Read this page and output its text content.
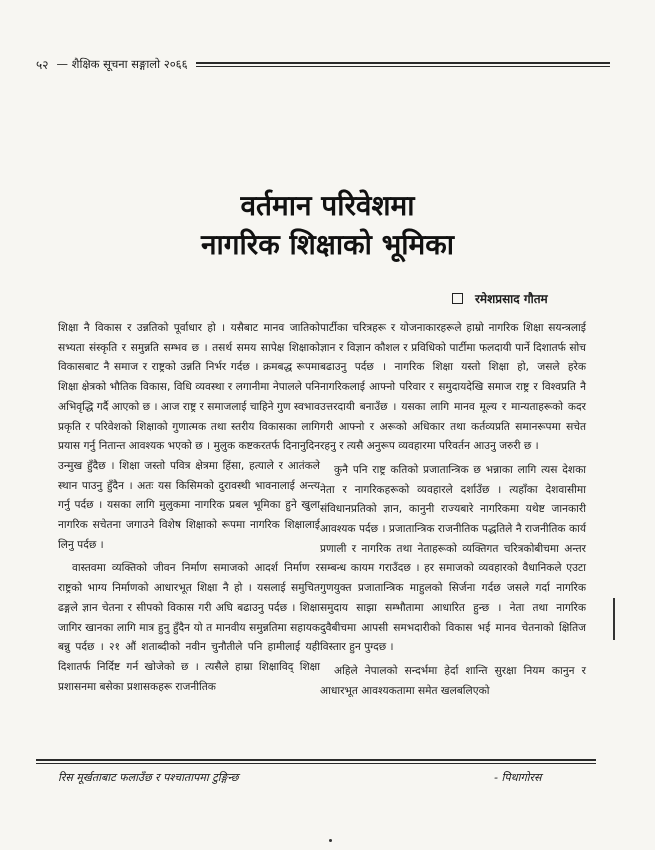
५२ — शैक्षिक सूचना सङ्गालो २०६६
वर्तमान परिवेशमा
नागरिक शिक्षाको भूमिका
रमेशप्रसाद गौतम

शिक्षा नै विकास र उन्नतिको पूर्वाधार हो । यसैबाट मानव जातिको सभ्यता संस्कृति र समुन्नति सम्भव छ । तसर्थ समय सापेक्ष शिक्षाको विकासबाट नै समाज र राष्ट्रको उन्नति निर्भर गर्दछ । क्रमबद्ध रूपमा शिक्षा क्षेत्रको भौतिक विकास, विधि व्यवस्था र लगानीमा नेपालले पनि अभिवृद्धि गर्दै आएको छ । आज राष्ट्र र समाजलाई चाहिने गुण स्वभाव प्रकृति र परिवेशको शिक्षाको गुणात्मक तथा स्तरीय विकासका लागि प्रयास गर्नु नितान्त आवश्यक भएको छ । मुलुक कष्टकरतर्फ दिनानुदिन उन्मुख हुँदैछ । शिक्षा जस्तो पवित्र क्षेत्रमा हिंसा, हत्याले र आतंकले स्थान पाउनु हुँदैन । अतः यस किसिमको दुरावस्थी भावनालाई अन्त्य गर्नु पर्दछ । यसका लागि मुलुकमा नागरिक प्रबल भूमिका हुने खुला नागरिक सचेतना जगाउने विशेष शिक्षाको रूपमा नागरिक शिक्षालाई लिनु पर्दछ ।

वास्तवमा व्यक्तिको जीवन निर्माण समाजको आदर्श निर्माण र राष्ट्रको भाग्य निर्माणको आधारभूत शिक्षा नै हो । यसलाई समुचित ढङ्गले ज्ञान चेतना र सीपको विकास गरी अघि बढाउनु पर्दछ । शिक्षा जागिर खानका लागि मात्र हुनु हुँदैन यो त मानवीय समुन्नतिमा सहायक बन्नु पर्दछ । २१ औं शताब्दीको नवीन चुनौतीले पनि हामीलाई यही दिशातर्फ निर्दिष्ट गर्न खोजेको छ । त्यसैले हाम्रा शिक्षाविद् शिक्षा प्रशासनमा बसेका प्रशासकहरू राजनीतिक

पार्टीका चरित्रहरू र योजनाकारहरूले हाम्रो नागरिक शिक्षा सयन्त्रलाई ज्ञान र विज्ञान कौशल र प्रविधिको पार्टीमा फलदायी पार्ने दिशातर्फ सोच बढाउनु पर्दछ । नागरिक शिक्षा यस्तो शिक्षा हो, जसले हरेक नागरिकलाई आफ्नो परिवार र समुदायदेखि समाज राष्ट्र र विश्वप्रति नै उत्तरदायी बनाउँछ । यसका लागि मानव मूल्य र मान्यताहरूको कदर गरी आफ्नो र अरूको अधिकार तथा कर्तव्यप्रति समानरूपमा सचेत रहनु र त्यसै अनुरूप व्यवहारमा परिवर्तन आउनु जरुरी छ ।

कुनै पनि राष्ट्र कतिको प्रजातान्त्रिक छ भन्नाका लागि त्यस देशका नेता र नागरिकहरूको व्यवहारले दर्शाउँछ । त्यहाँका देशवासीमा संविधानप्रतिको ज्ञान, कानुनी राज्यबारे नागरिकमा यथेष्ट जानकारी आवश्यक पर्दछ । प्रजातान्त्रिक राजनीतिक पद्धतिले नै राजनीतिक कार्य प्रणाली र नागरिक तथा नेताहरूको व्यक्तिगत चरित्रकोबीचमा अन्तर सम्बन्ध कायम गराउँदछ । हर समाजको व्यवहारको वैधानिकले एउटा गुणयुक्त प्रजातान्त्रिक माहुलको सिर्जना गर्दछ जसले गर्दा नागरिक समुदाय साझा सम्भौतामा आधारित हुन्छ । नेता तथा नागरिक दुवैबीचमा आपसी समभदारीको विकास भई मानव चेतनाको क्षितिज विस्तार हुन पुग्दछ ।

अहिले नेपालको सन्दर्भमा हेर्दा शान्ति सुरक्षा नियम कानुन र आधारभूत आवश्यकतामा समेत खलबलिएको

रिस मूर्खताबाट फलाउँछ र पश्चातापमा टुङ्गिन्छ	- पिथागोरस
